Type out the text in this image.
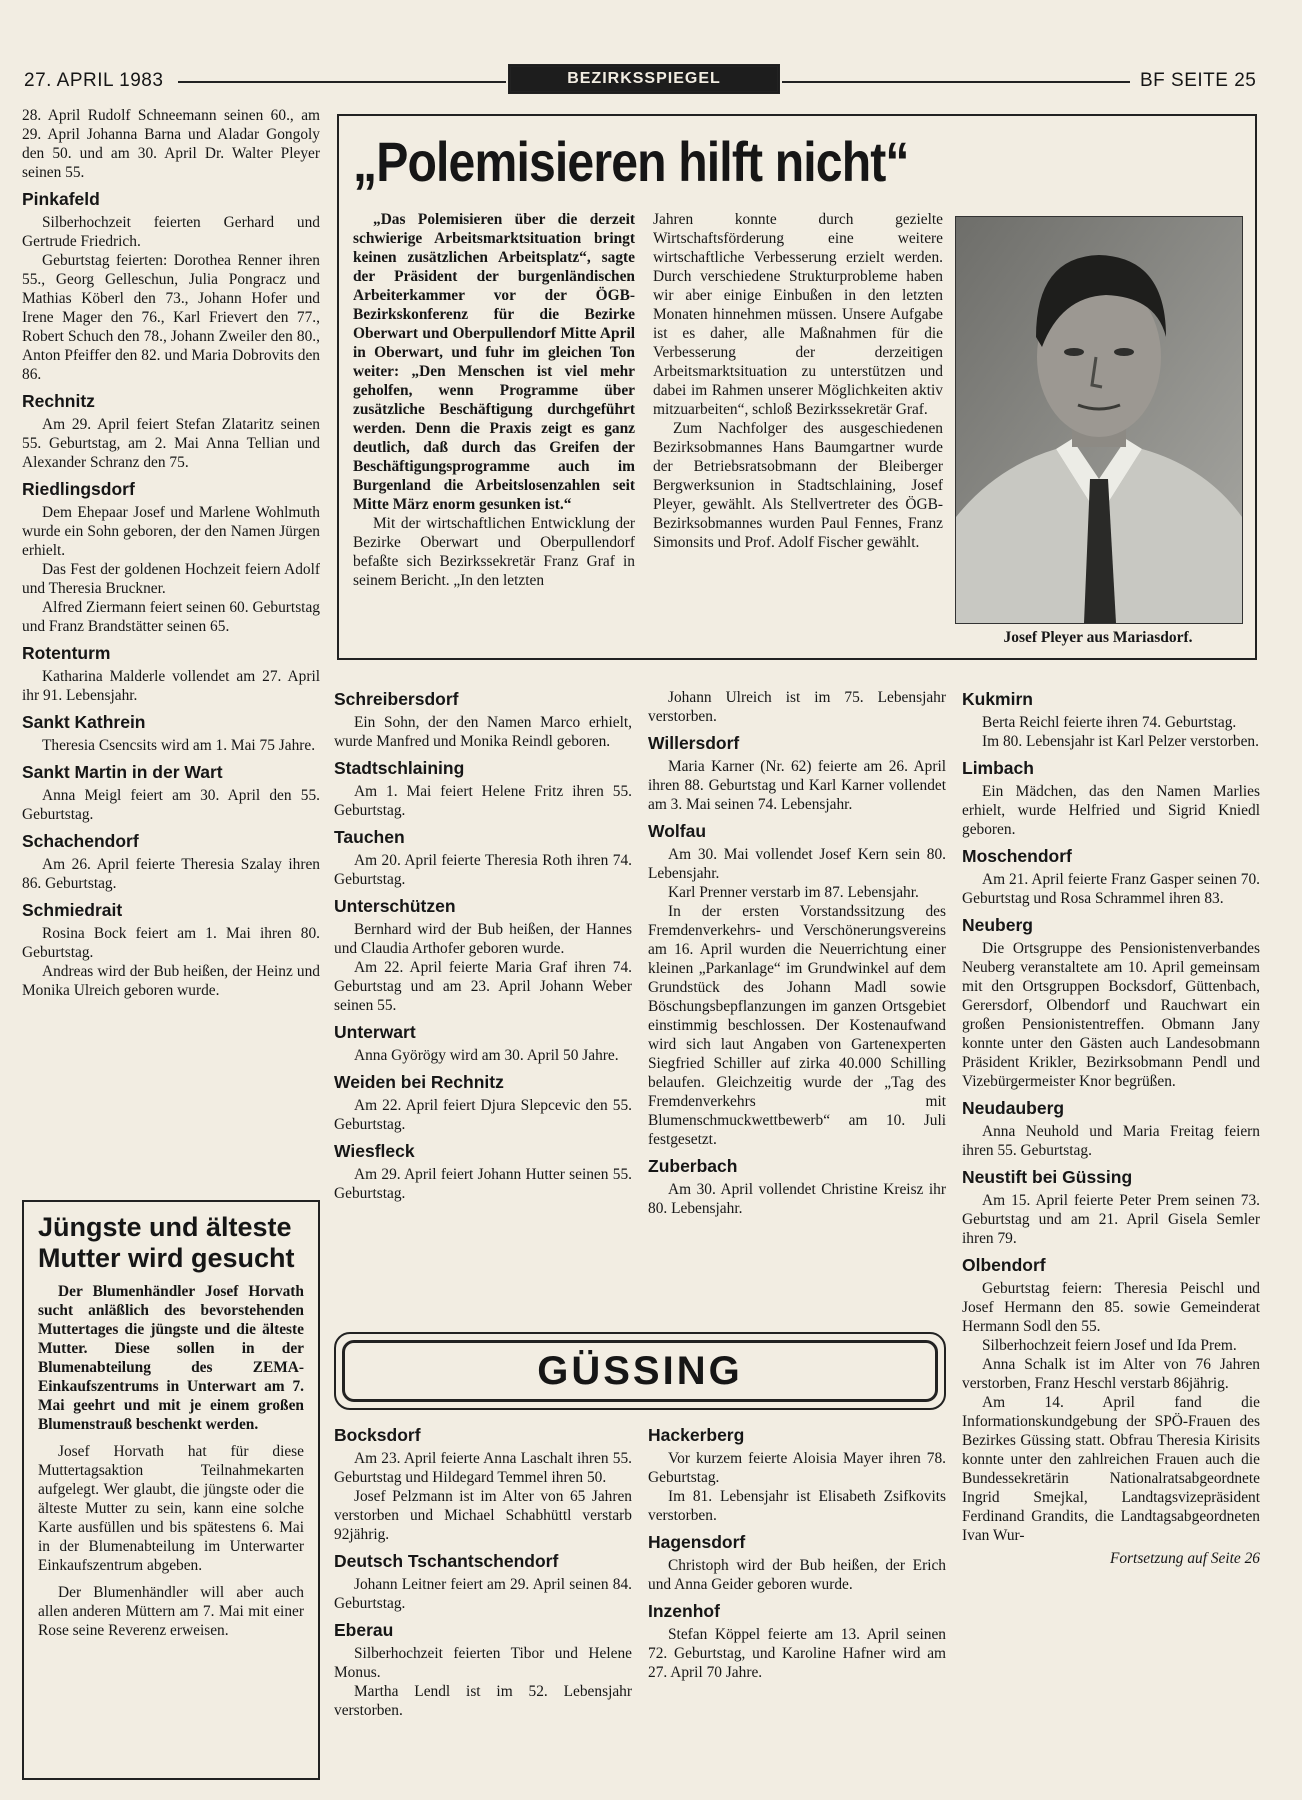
27. APRIL 1983	BEZIRKSSPIEGEL	BF SEITE 25

28. April Rudolf Schneemann seinen 60., am 29. April Johanna Barna und Aladar Gongoly den 50. und am 30. April Dr. Walter Pleyer seinen 55.

Pinkafeld

Silberhochzeit feierten Gerhard und Gertrude Friedrich.

Geburtstag feierten: Dorothea Renner ihren 55., Georg Gelleschun, Julia Pongracz und Mathias Köberl den 73., Johann Hofer und Irene Mager den 76., Karl Frievert den 77., Robert Schuch den 78., Johann Zweiler den 80., Anton Pfeiffer den 82. und Maria Dobrovits den 86.

Rechnitz

Am 29. April feiert Stefan Zlataritz seinen 55. Geburtstag, am 2. Mai Anna Tellian und Alexander Schranz den 75.

Riedlingsdorf

Dem Ehepaar Josef und Marlene Wohlmuth wurde ein Sohn geboren, der den Namen Jürgen erhielt.

Das Fest der goldenen Hochzeit feiern Adolf und Theresia Bruckner.

Alfred Ziermann feiert seinen 60. Geburtstag und Franz Brandstätter seinen 65.

Rotenturm

Katharina Malderle vollendet am 27. April ihr 91. Lebensjahr.

Sankt Kathrein

Theresia Csencsits wird am 1. Mai 75 Jahre.

Sankt Martin in der Wart

Anna Meigl feiert am 30. April den 55. Geburtstag.

Schachendorf

Am 26. April feierte Theresia Szalay ihren 86. Geburtstag.

Schmiedrait

Rosina Bock feiert am 1. Mai ihren 80. Geburtstag.

Andreas wird der Bub heißen, der Heinz und Monika Ulreich geboren wurde.

Jüngste und älteste Mutter wird gesucht

Der Blumenhändler Josef Horvath sucht anläßlich des bevorstehenden Muttertages die jüngste und die älteste Mutter. Diese sollen in der Blumenabteilung des ZEMA-Einkaufszentrums in Unterwart am 7. Mai geehrt und mit je einem großen Blumenstrauß beschenkt werden.

Josef Horvath hat für diese Muttertagsaktion Teilnahmekarten aufgelegt. Wer glaubt, die jüngste oder die älteste Mutter zu sein, kann eine solche Karte ausfüllen und bis spätestens 6. Mai in der Blumenabteilung im Unterwarter Einkaufszentrum abgeben.

Der Blumenhändler will aber auch allen anderen Müttern am 7. Mai mit einer Rose seine Reverenz erweisen.

„Polemisieren hilft nicht“

„Das Polemisieren über die derzeit schwierige Arbeitsmarktsituation bringt keinen zusätzlichen Arbeitsplatz“, sagte der Präsident der burgenländischen Arbeiterkammer vor der ÖGB-Bezirkskonferenz für die Bezirke Oberwart und Oberpullendorf Mitte April in Oberwart, und fuhr im gleichen Ton weiter: „Den Menschen ist viel mehr geholfen, wenn Programme über zusätzliche Beschäftigung durchgeführt werden. Denn die Praxis zeigt es ganz deutlich, daß durch das Greifen der Beschäftigungsprogramme auch im Burgenland die Arbeitslosenzahlen seit Mitte März enorm gesunken ist.“

Mit der wirtschaftlichen Entwicklung der Bezirke Oberwart und Oberpullendorf befaßte sich Bezirkssekretär Franz Graf in seinem Bericht. „In den letzten

Jahren konnte durch gezielte Wirtschaftsförderung eine weitere wirtschaftliche Verbesserung erzielt werden. Durch verschiedene Strukturprobleme haben wir aber einige Einbußen in den letzten Monaten hinnehmen müssen. Unsere Aufgabe ist es daher, alle Maßnahmen für die Verbesserung der derzeitigen Arbeitsmarktsituation zu unterstützen und dabei im Rahmen unserer Möglichkeiten aktiv mitzuarbeiten“, schloß Bezirkssekretär Graf.

Zum Nachfolger des ausgeschiedenen Bezirksobmannes Hans Baumgartner wurde der Betriebsratsobmann der Bleiberger Bergwerksunion in Stadtschlaining, Josef Pleyer, gewählt. Als Stellvertreter des ÖGB-Bezirksobmannes wurden Paul Fennes, Franz Simonsits und Prof. Adolf Fischer gewählt.

Josef Pleyer aus Mariasdorf.
Schreibersdorf

Ein Sohn, der den Namen Marco erhielt, wurde Manfred und Monika Reindl geboren.

Stadtschlaining

Am 1. Mai feiert Helene Fritz ihren 55. Geburtstag.

Tauchen

Am 20. April feierte Theresia Roth ihren 74. Geburtstag.

Unterschützen

Bernhard wird der Bub heißen, der Hannes und Claudia Arthofer geboren wurde.

Am 22. April feierte Maria Graf ihren 74. Geburtstag und am 23. April Johann Weber seinen 55.

Unterwart

Anna Györögy wird am 30. April 50 Jahre.

Weiden bei Rechnitz

Am 22. April feiert Djura Slepcevic den 55. Geburtstag.

Wiesfleck

Am 29. April feiert Johann Hutter seinen 55. Geburtstag.

Johann Ulreich ist im 75. Lebensjahr verstorben.

Willersdorf

Maria Karner (Nr. 62) feierte am 26. April ihren 88. Geburtstag und Karl Karner vollendet am 3. Mai seinen 74. Lebensjahr.

Wolfau

Am 30. Mai vollendet Josef Kern sein 80. Lebensjahr.

Karl Prenner verstarb im 87. Lebensjahr.

In der ersten Vorstandssitzung des Fremdenverkehrs- und Verschönerungsvereins am 16. April wurden die Neuerrichtung einer kleinen „Parkanlage“ im Grundwinkel auf dem Grundstück des Johann Madl sowie Böschungsbepflanzungen im ganzen Ortsgebiet einstimmig beschlossen. Der Kostenaufwand wird sich laut Angaben von Gartenexperten Siegfried Schiller auf zirka 40.000 Schilling belaufen. Gleichzeitig wurde der „Tag des Fremdenverkehrs mit Blumenschmuckwettbewerb“ am 10. Juli festgesetzt.

Zuberbach

Am 30. April vollendet Christine Kreisz ihr 80. Lebensjahr.

GÜSSING
Bocksdorf

Am 23. April feierte Anna Laschalt ihren 55. Geburtstag und Hildegard Temmel ihren 50.

Josef Pelzmann ist im Alter von 65 Jahren verstorben und Michael Schabhüttl verstarb 92jährig.

Deutsch Tschantschendorf

Johann Leitner feiert am 29. April seinen 84. Geburtstag.

Eberau

Silberhochzeit feierten Tibor und Helene Monus.

Martha Lendl ist im 52. Lebensjahr verstorben.

Hackerberg

Vor kurzem feierte Aloisia Mayer ihren 78. Geburtstag.

Im 81. Lebensjahr ist Elisabeth Zsifkovits verstorben.

Hagensdorf

Christoph wird der Bub heißen, der Erich und Anna Geider geboren wurde.

Inzenhof

Stefan Köppel feierte am 13. April seinen 72. Geburtstag, und Karoline Hafner wird am 27. April 70 Jahre.

Kukmirn

Berta Reichl feierte ihren 74. Geburtstag.

Im 80. Lebensjahr ist Karl Pelzer verstorben.

Limbach

Ein Mädchen, das den Namen Marlies erhielt, wurde Helfried und Sigrid Kniedl geboren.

Moschendorf

Am 21. April feierte Franz Gasper seinen 70. Geburtstag und Rosa Schrammel ihren 83.

Neuberg

Die Ortsgruppe des Pensionistenverbandes Neuberg veranstaltete am 10. April gemeinsam mit den Ortsgruppen Bocksdorf, Güttenbach, Gerersdorf, Olbendorf und Rauchwart ein großen Pensionistentreffen. Obmann Jany konnte unter den Gästen auch Landesobmann Präsident Krikler, Bezirksobmann Pendl und Vizebürgermeister Knor begrüßen.

Neudauberg

Anna Neuhold und Maria Freitag feiern ihren 55. Geburtstag.

Neustift bei Güssing

Am 15. April feierte Peter Prem seinen 73. Geburtstag und am 21. April Gisela Semler ihren 79.

Olbendorf

Geburtstag feiern: Theresia Peischl und Josef Hermann den 85. sowie Gemeinderat Hermann Sodl den 55.

Silberhochzeit feiern Josef und Ida Prem.

Anna Schalk ist im Alter von 76 Jahren verstorben, Franz Heschl verstarb 86jährig.

Am 14. April fand die Informationskundgebung der SPÖ-Frauen des Bezirkes Güssing statt. Obfrau Theresia Kirisits konnte unter den zahlreichen Frauen auch die Bundessekretärin Nationalratsabgeordnete Ingrid Smejkal, Landtagsvizepräsident Ferdinand Grandits, die Landtagsabgeordneten Ivan Wur-

Fortsetzung auf Seite 26
